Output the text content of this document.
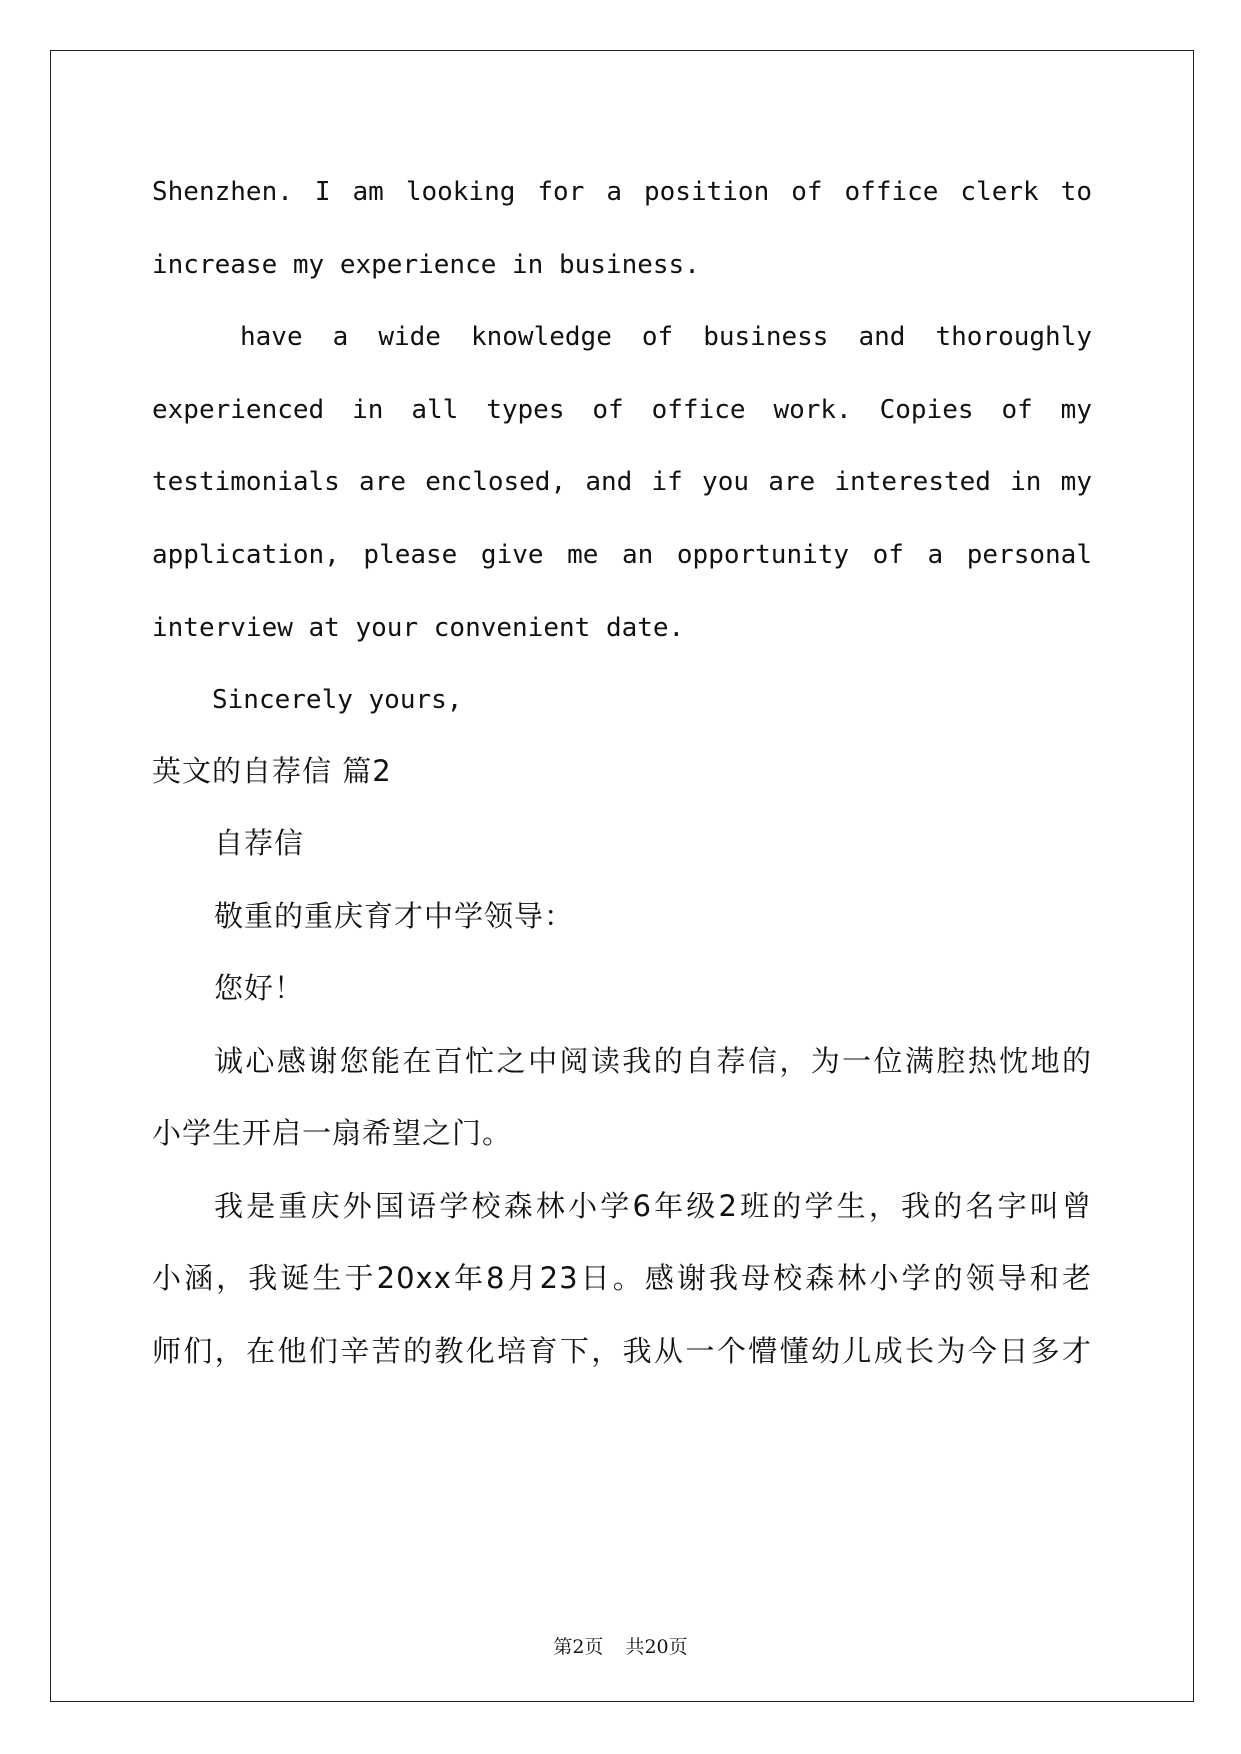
Shenzhen. I am looking for a position of office clerk to
increase my experience in business.
have a wide knowledge of business and thoroughly
experienced in all types of office work. Copies of my
testimonials are enclosed, and if you are interested in my
application, please give me an opportunity of a personal
interview at your convenient date.
Sincerely yours,
英文的自荐信 篇2
自荐信
敬重的重庆育才中学领导：
您好！
诚心感谢您能在百忙之中阅读我的自荐信，为一位满腔热忱地的
小学生开启一扇希望之门。
我是重庆外国语学校森林小学6年级2班的学生，我的名字叫曾
小涵，我诞生于20xx年8月23日。感谢我母校森林小学的领导和老
师们，在他们辛苦的教化培育下，我从一个懵懂幼儿成长为今日多才
第2页 共20页
